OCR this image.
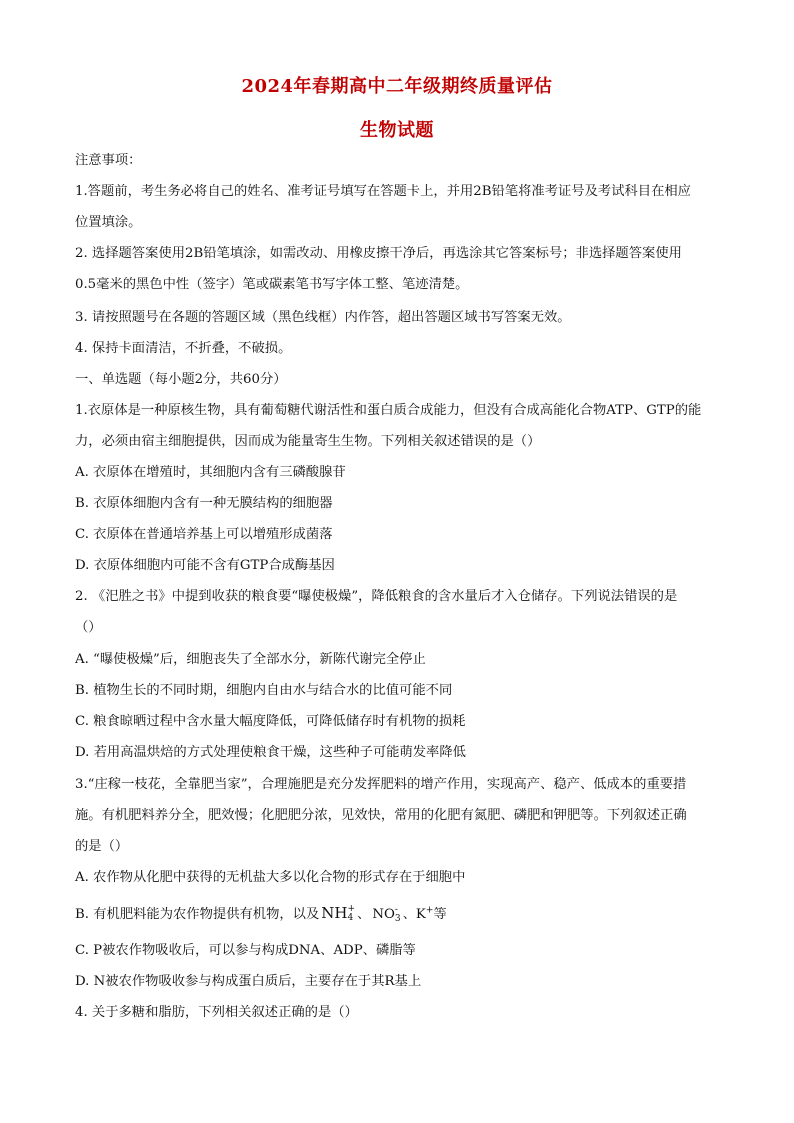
2024年春期高中二年级期终质量评估
生物试题
注意事项：
1.答题前，考生务必将自己的姓名、准考证号填写在答题卡上，并用2B铅笔将准考证号及考试科目在相应
位置填涂。
2. 选择题答案使用2B铅笔填涂，如需改动、用橡皮擦干净后，再选涂其它答案标号；非选择题答案使用
0.5毫米的黑色中性（签字）笔或碳素笔书写字体工整、笔迹清楚。
3. 请按照题号在各题的答题区域（黑色线框）内作答，超出答题区域书写答案无效。
4. 保持卡面清洁，不折叠，不破损。
一、单选题（每小题2分，共60分）
1.衣原体是一种原核生物，具有葡萄糖代谢活性和蛋白质合成能力，但没有合成高能化合物ATP、GTP的能
力，必须由宿主细胞提供，因而成为能量寄生生物。下列相关叙述错误的是（）
A. 衣原体在增殖时，其细胞内含有三磷酸腺苷
B. 衣原体细胞内含有一种无膜结构的细胞器
C. 衣原体在普通培养基上可以增殖形成菌落
D. 衣原体细胞内可能不含有GTP合成酶基因
2. 《汜胜之书》中提到收获的粮食要“曝使极燥”，降低粮食的含水量后才入仓储存。下列说法错误的是
（）
A. “曝使极燥”后，细胞丧失了全部水分，新陈代谢完全停止
B. 植物生长的不同时期，细胞内自由水与结合水的比值可能不同
C. 粮食晾晒过程中含水量大幅度降低，可降低储存时有机物的损耗
D. 若用高温烘焙的方式处理使粮食干燥，这些种子可能萌发率降低
3.“庄稼一枝花，全靠肥当家”，合理施肥是充分发挥肥料的增产作用，实现高产、稳产、低成本的重要措
施。有机肥料养分全，肥效慢；化肥肥分浓，见效快，常用的化肥有氮肥、磷肥和钾肥等。下列叙述正确
的是（）
A. 农作物从化肥中获得的无机盐大多以化合物的形式存在于细胞中
B. 有机肥料能为农作物提供有机物，以及 NH +
4 、 NO -
3 、K+等
C. P被农作物吸收后，可以参与构成DNA、ADP、磷脂等
D. N被农作物吸收参与构成蛋白质后，主要存在于其R基上
4. 关于多糖和脂肪，下列相关叙述正确的是（）
